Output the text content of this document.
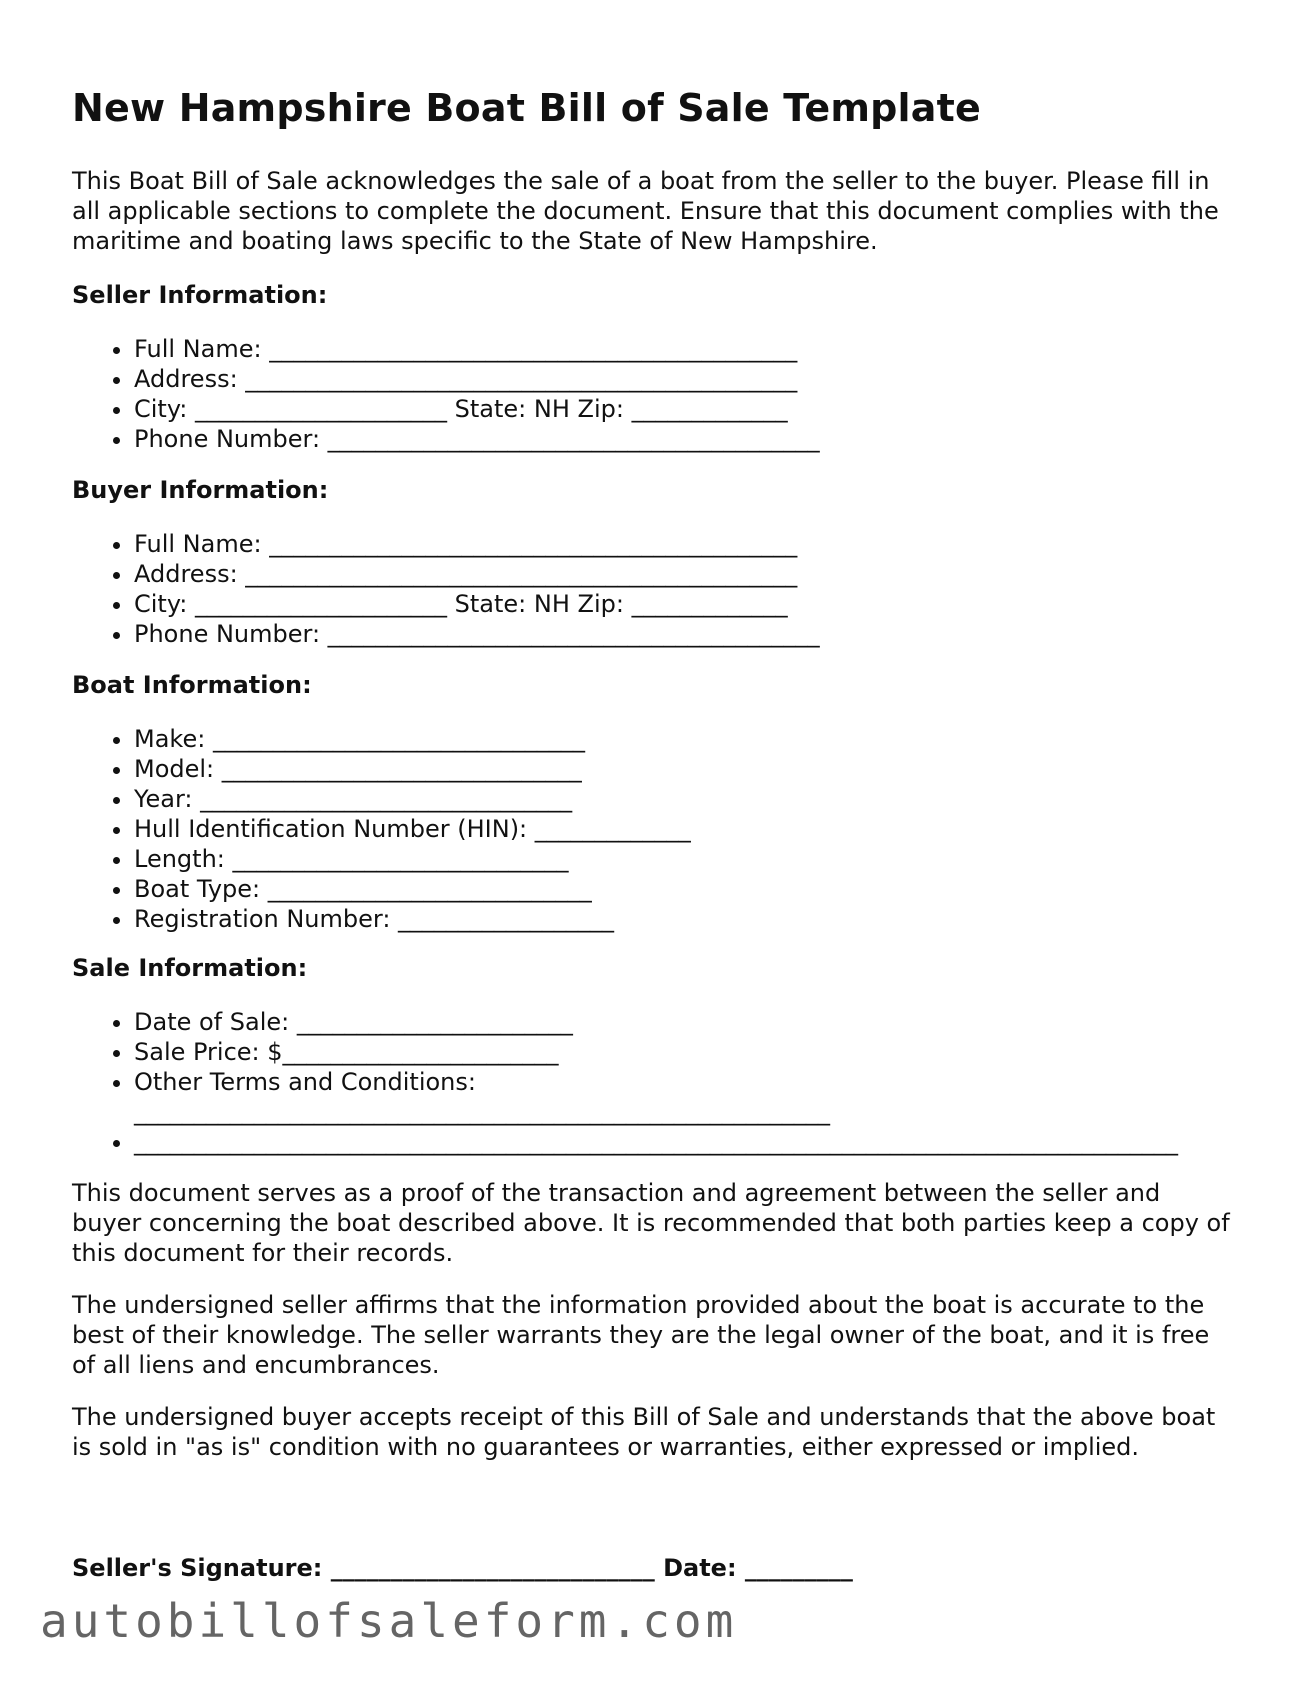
New Hampshire Boat Bill of Sale Template

This Boat Bill of Sale acknowledges the sale of a boat from the seller to the buyer. Please fill in all applicable sections to complete the document. Ensure that this document complies with the maritime and boating laws specific to the State of New Hampshire.

Seller Information:

• Full Name: ____________________________________________
• Address: ______________________________________________
• City: _____________________ State: NH Zip: _____________
• Phone Number: _________________________________________

Buyer Information:

• Full Name: ____________________________________________
• Address: ______________________________________________
• City: _____________________ State: NH Zip: _____________
• Phone Number: _________________________________________

Boat Information:

• Make: _______________________________
• Model: ______________________________
• Year: _______________________________
• Hull Identification Number (HIN): _____________
• Length: ____________________________
• Boat Type: ___________________________
• Registration Number: __________________

Sale Information:

• Date of Sale: _______________________
• Sale Price: $_______________________
• Other Terms and Conditions:
__________________________________________________________
• _______________________________________________________________________________________

This document serves as a proof of the transaction and agreement between the seller and buyer concerning the boat described above. It is recommended that both parties keep a copy of this document for their records.

The undersigned seller affirms that the information provided about the boat is accurate to the best of their knowledge. The seller warrants they are the legal owner of the boat, and it is free of all liens and encumbrances.

The undersigned buyer accepts receipt of this Bill of Sale and understands that the above boat is sold in "as is" condition with no guarantees or warranties, either expressed or implied.

Seller's Signature: ___________________________ Date: _________

autobillofsaleform.com
